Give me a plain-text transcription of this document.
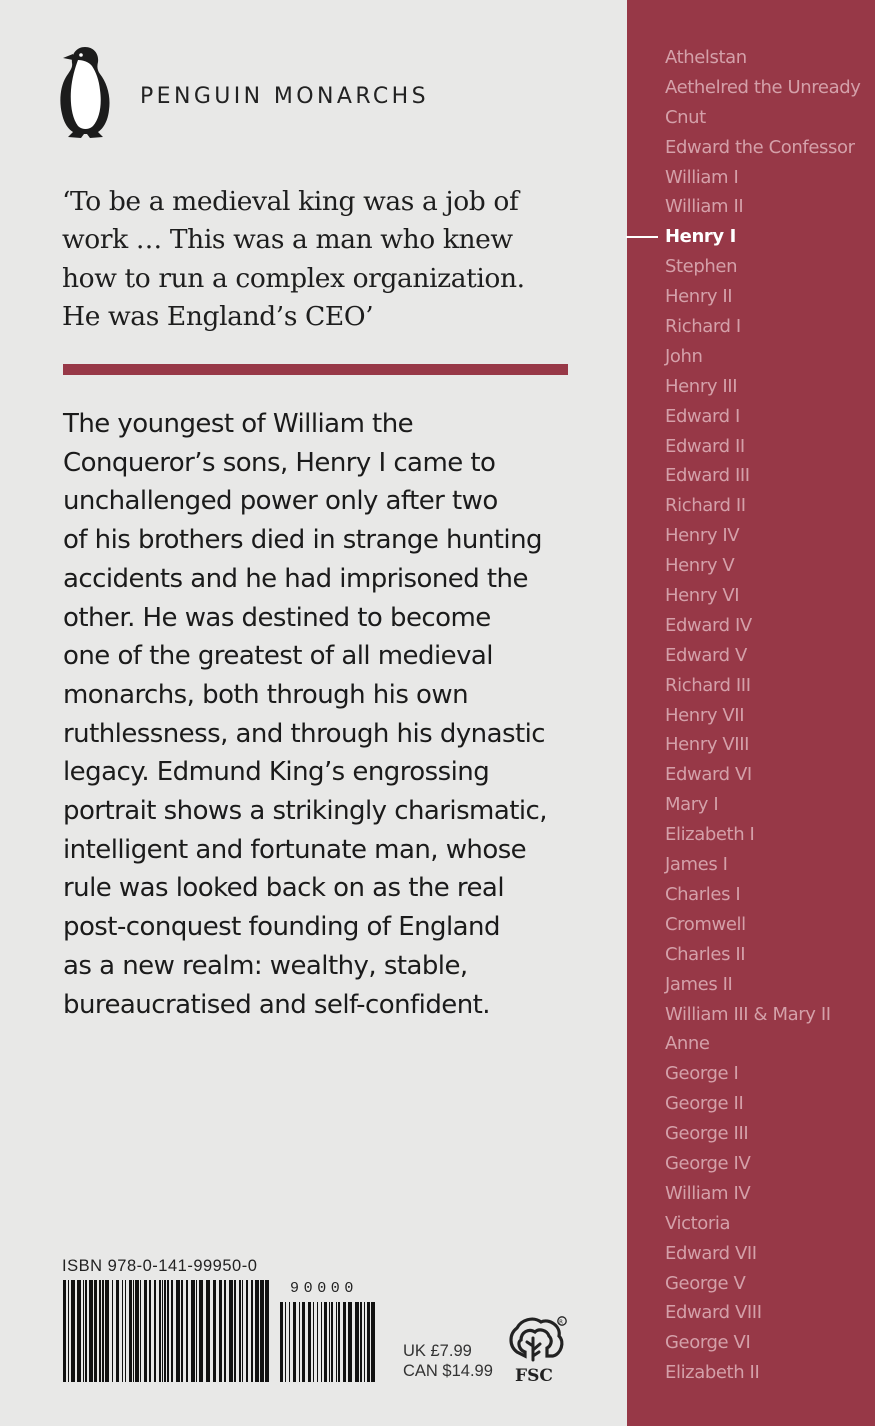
PENGUIN MONARCHS
‘To be a medieval king was a job of
work … This was a man who knew
how to run a complex organization.
He was England’s CEO’
The youngest of William the
Conqueror’s sons, Henry I came to
unchallenged power only after two
of his brothers died in strange hunting
accidents and he had imprisoned the
other. He was destined to become
one of the greatest of all medieval
monarchs, both through his own
ruthlessness, and through his dynastic
legacy. Edmund King’s engrossing
portrait shows a strikingly charismatic,
intelligent and fortunate man, whose
rule was looked back on as the real
post-conquest founding of England
as a new realm: wealthy, stable,
bureaucratised and self-confident.
ISBN 978-0-141-99950-0
90000
UK £7.99
CAN $14.99
R
FSC
Athelstan
Aethelred the Unready
Cnut
Edward the Confessor
William I
William II
Henry I
Stephen
Henry II
Richard I
John
Henry III
Edward I
Edward II
Edward III
Richard II
Henry IV
Henry V
Henry VI
Edward IV
Edward V
Richard III
Henry VII
Henry VIII
Edward VI
Mary I
Elizabeth I
James I
Charles I
Cromwell
Charles II
James II
William III & Mary II
Anne
George I
George II
George III
George IV
William IV
Victoria
Edward VII
George V
Edward VIII
George VI
Elizabeth II
